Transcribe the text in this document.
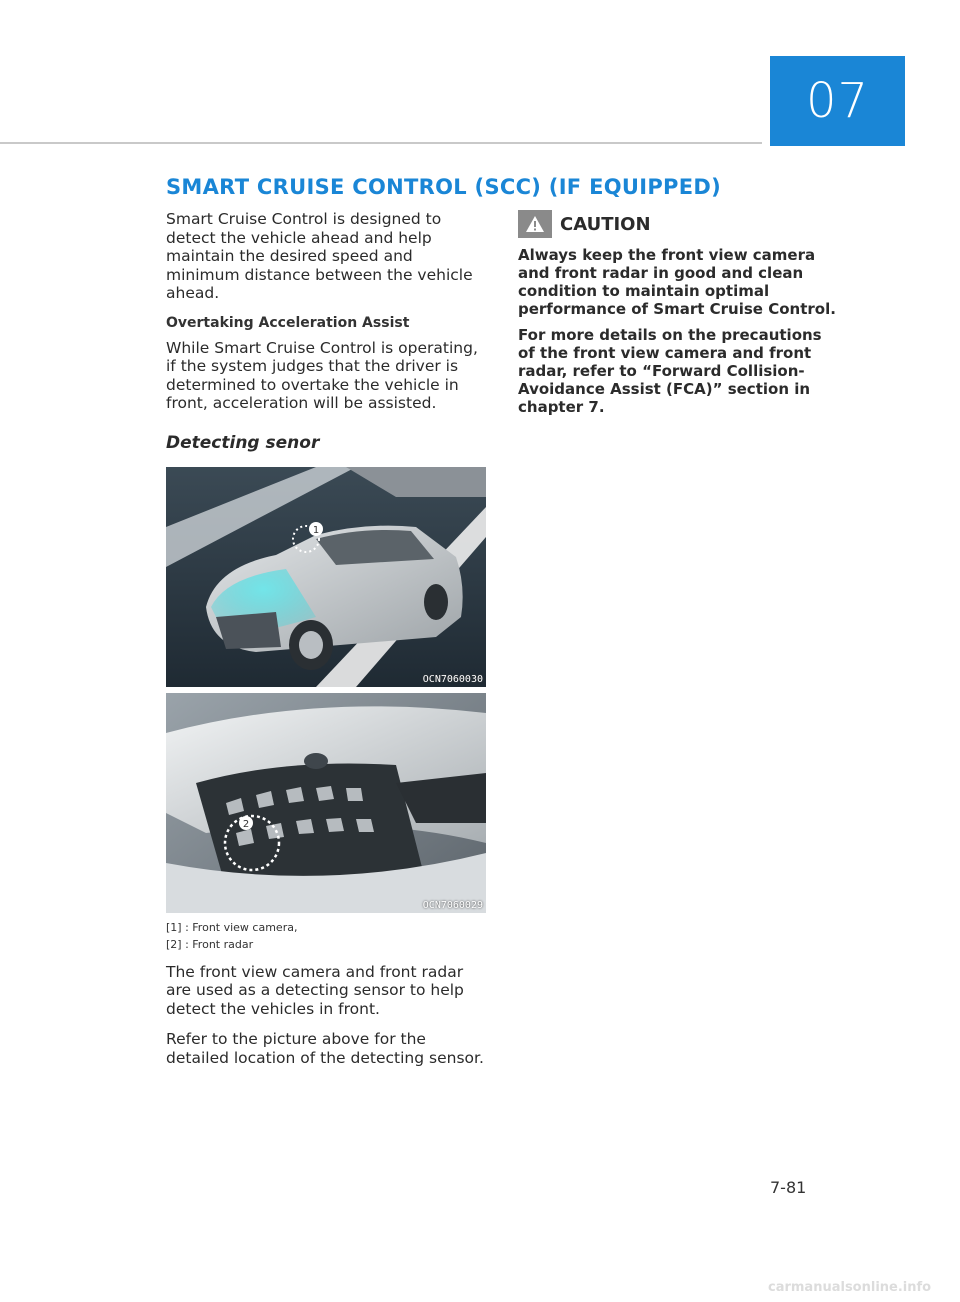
07
SMART CRUISE CONTROL (SCC) (IF EQUIPPED)

Smart Cruise Control is designed to detect the vehicle ahead and help maintain the desired speed and minimum distance between the vehicle ahead.

Overtaking Acceleration Assist

While Smart Cruise Control is operating, if the system judges that the driver is determined to overtake the vehicle in front, acceleration will be assisted.

Detecting senor
1
OCN7060030
2
OCN7060029
[1] : Front view camera,
[2] : Front radar

The front view camera and front radar are used as a detecting sensor to help detect the vehicles in front.

Refer to the picture above for the detailed location of the detecting sensor.

CAUTION

Always keep the front view camera and front radar in good and clean condition to maintain optimal performance of Smart Cruise Control.

For more details on the precautions of the front view camera and front radar, refer to “Forward Collision-Avoidance Assist (FCA)” section in chapter 7.

7-81
carmanualsonline.info
